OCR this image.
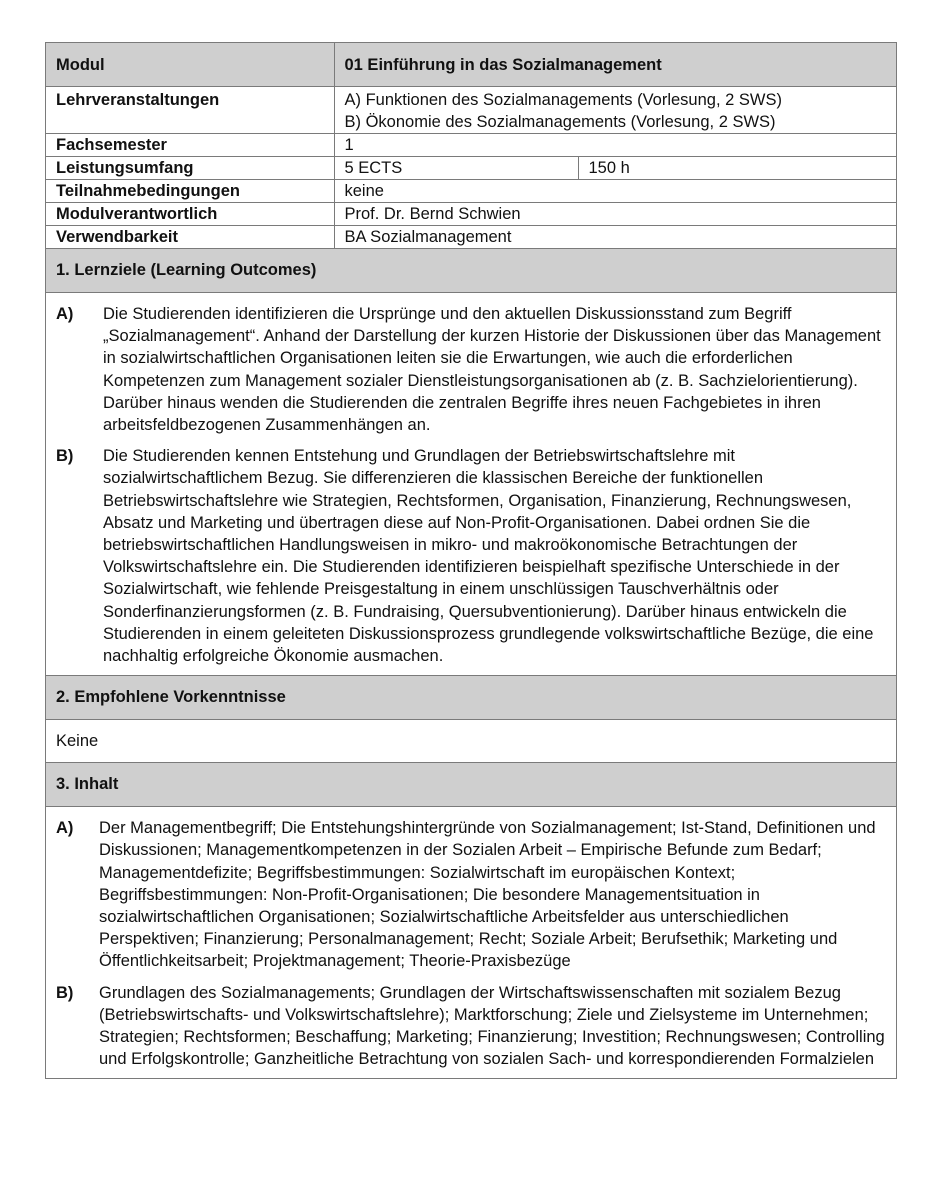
Modul	01 Einführung in das Sozialmanagement	
Lehrveranstaltungen	A) Funktionen des Sozialmanagements (Vorlesung, 2 SWS)
B) Ökonomie des Sozialmanagements (Vorlesung, 2 SWS)	

Fachsemester	1	
Leistungsumfang	5 ECTS	150 h
Teilnahmebedingungen	keine	
Modulverantwortlich	Prof. Dr. Bernd Schwien	
Verwendbarkeit	BA Sozialmanagement	
1. Lernziele (Learning Outcomes)
A)	Die Studierenden identifizieren die Ursprünge und den aktuellen Diskussionsstand zum Begriff „Sozialmanagement“. Anhand der Darstellung der kurzen Historie der Diskussionen über das Management in sozialwirtschaftlichen Organisationen leiten sie die Erwartungen, wie auch die erforderlichen Kompetenzen zum Management sozialer Dienstleistungsorganisationen ab (z. B. Sachzielorientierung). Darüber hinaus wenden die Studierenden die zentralen Begriffe ihres neuen Fachgebietes in ihren arbeitsfeldbezogenen Zusammenhängen an.
B)	Die Studierenden kennen Entstehung und Grundlagen der Betriebswirtschaftslehre mit sozialwirtschaftlichem Bezug. Sie differenzieren die klassischen Bereiche der funktionellen Betriebswirtschaftslehre wie Strategien, Rechtsformen, Organisation, Finanzierung, Rechnungswesen, Absatz und Marketing und übertragen diese auf Non-Profit-Organisationen. Dabei ordnen Sie die betriebswirtschaftlichen Handlungsweisen in mikro- und makroökonomische Betrachtungen der Volkswirtschaftslehre ein. Die Studierenden identifizieren beispielhaft spezifische Unterschiede in der Sozialwirtschaft, wie fehlende Preisgestaltung in einem unschlüssigen Tauschverhältnis oder Sonderfinanzierungsformen (z. B. Fundraising, Quersubventionierung). Darüber hinaus entwickeln die Studierenden in einem geleiteten Diskussionsprozess grundlegende volkswirtschaftliche Bezüge, die eine nachhaltig erfolgreiche Ökonomie ausmachen.
2. Empfohlene Vorkenntnisse
Keine
3. Inhalt
A)	Der Managementbegriff; Die Entstehungshintergründe von Sozialmanagement; Ist-Stand, Definitionen und Diskussionen; Managementkompetenzen in der Sozialen Arbeit – Empirische Befunde zum Bedarf; Managementdefizite; Begriffsbestimmungen: Sozialwirtschaft im europäischen Kontext; Begriffsbestimmungen: Non-Profit-Organisationen; Die besondere Managementsituation in sozialwirtschaftlichen Organisationen; Sozialwirtschaftliche Arbeitsfelder aus unterschiedlichen Perspektiven; Finanzierung; Personalmanagement; Recht; Soziale Arbeit; Berufsethik; Marketing und Öffentlichkeitsarbeit; Projektmanagement; Theorie-Praxisbezüge
B)	Grundlagen des Sozialmanagements; Grundlagen der Wirtschaftswissenschaften mit sozialem Bezug (Betriebswirtschafts- und Volkswirtschaftslehre); Marktforschung; Ziele und Zielsysteme im Unternehmen; Strategien; Rechtsformen; Beschaffung; Marketing; Finanzierung; Investition; Rechnungswesen; Controlling und Erfolgskontrolle; Ganzheitliche Betrachtung von sozialen Sach- und korrespondierenden Formalzielen
